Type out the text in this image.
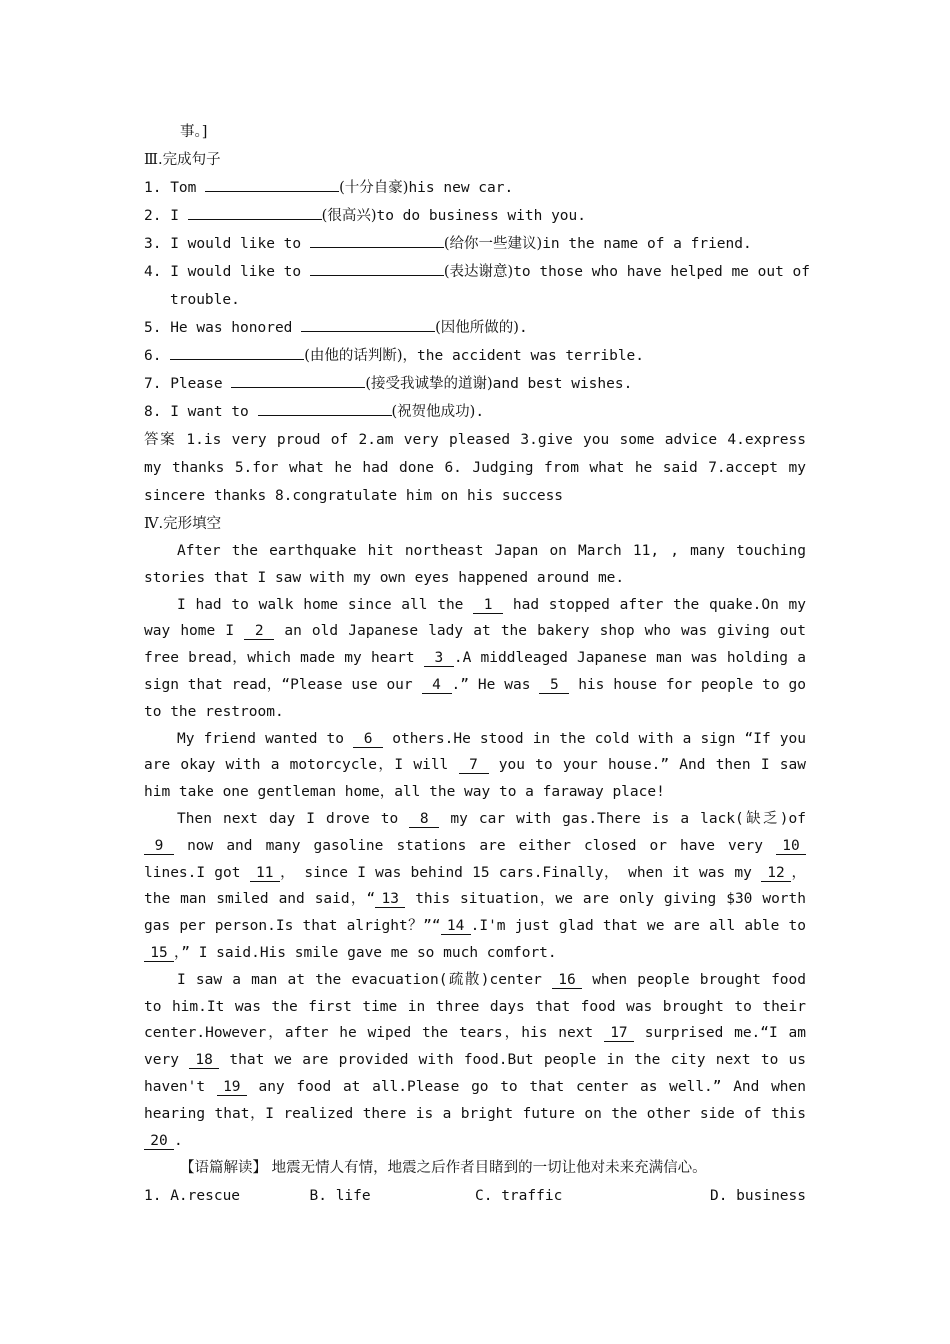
事。]
Ⅲ.完成句子
1. Tom	(十分自豪)his new car.
2. I	(很高兴)to do business with you.
3. I would like to	(给你一些建议)in the name of a friend.
4. I would like to	(表达谢意)to those who have helped me out of
trouble.
5. He was honored	(因他所做的).
6.	(由他的话判断)，the accident was terrible.
7. Please	(接受我诚挚的道谢)and best wishes.
8. I want to	(祝贺他成功).
答案 1.is very proud of 2.am very pleased 3.give you some advice 4.express
my thanks 5.for what he had done 6. Judging from what he said 7.accept my
sincere thanks 8.congratulate him on his success
Ⅳ.完形填空
After the earthquake hit northeast Japan on March 11, , many touching stories that I saw with my own eyes happened around me.
I had to walk home since all the 1 had stopped after the quake.On my way home I 2 an old Japanese lady at the bakery shop who was giving out free bread，which made my heart 3 .A middleaged Japanese man was holding a sign that read，“Please use our 4 .” He was 5 his house for people to go to the restroom.
My friend wanted to 6 others.He stood in the cold with a sign “If you are okay with a motorcycle，I will 7 you to your house.” And then I saw him take one gentleman home，all the way to a faraway place!
Then next day I drove to 8 my car with gas.There is a lack(缺乏)of 9 now and many gasoline stations are either closed or have very 10 lines.I got 11 ， since I was behind 15 cars.Finally， when it was my 12 ，the man smiled and said，“ 13 this situation，we are only giving $30 worth gas per person.Is that alright？”“ 14 .I'm just glad that we are all able to 15 ，” I said.His smile gave me so much comfort.
I saw a man at the evacuation(疏散)center 16 when people brought food to him.It was the first time in three days that food was brought to their center.However，after he wiped the tears，his next 17 surprised me.“I am very 18 that we are provided with food.But people in the city next to us haven't 19 any food at all.Please go to that center as well.” And when hearing that，I realized there is a bright future on the other side of this 20 .
【语篇解读】 地震无情人有情，地震之后作者目睹到的一切让他对未来充满信心。
1. A.rescue	B. life	C. traffic	D. business
